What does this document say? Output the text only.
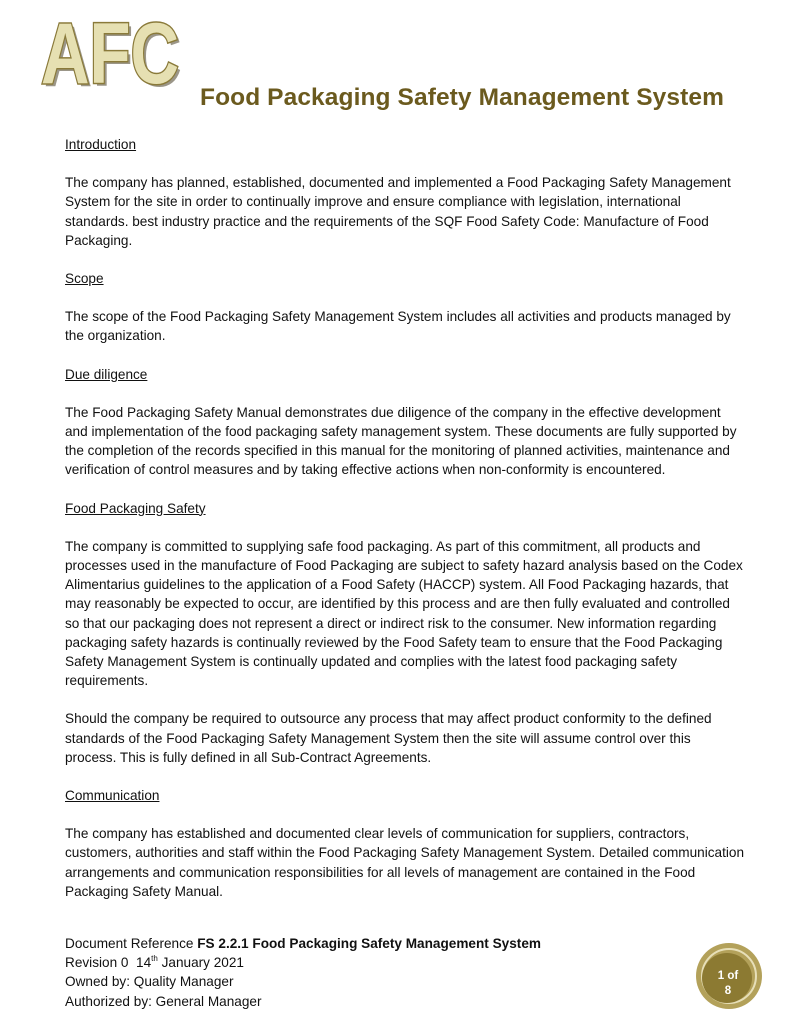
AFC
AFC Food Packaging Safety Management System
Introduction

The company has planned, established, documented and implemented a Food Packaging Safety Management System for the site in order to continually improve and ensure compliance with legislation, international standards. best industry practice and the requirements of the SQF Food Safety Code: Manufacture of Food Packaging.

Scope

The scope of the Food Packaging Safety Management System includes all activities and products managed by the organization.

Due diligence

The Food Packaging Safety Manual demonstrates due diligence of the company in the effective development and implementation of the food packaging safety management system. These documents are fully supported by the completion of the records specified in this manual for the monitoring of planned activities, maintenance and verification of control measures and by taking effective actions when non-conformity is encountered.

Food Packaging Safety

The company is committed to supplying safe food packaging. As part of this commitment, all products and processes used in the manufacture of Food Packaging are subject to safety hazard analysis based on the Codex Alimentarius guidelines to the application of a Food Safety (HACCP) system. All Food Packaging hazards, that may reasonably be expected to occur, are identified by this process and are then fully evaluated and controlled so that our packaging does not represent a direct or indirect risk to the consumer. New information regarding packaging safety hazards is continually reviewed by the Food Safety team to ensure that the Food Packaging Safety Management System is continually updated and complies with the latest food packaging safety requirements.

Should the company be required to outsource any process that may affect product conformity to the defined standards of the Food Packaging Safety Management System then the site will assume control over this process. This is fully defined in all Sub-Contract Agreements.

Communication

The company has established and documented clear levels of communication for suppliers, contractors, customers, authorities and staff within the Food Packaging Safety Management System. Detailed communication arrangements and communication responsibilities for all levels of management are contained in the Food Packaging Safety Manual.

Document Reference FS 2.2.1 Food Packaging Safety Management System
Revision 0 14th January 2021
Owned by: Quality Manager
Authorized by: General Manager
1 of
8
